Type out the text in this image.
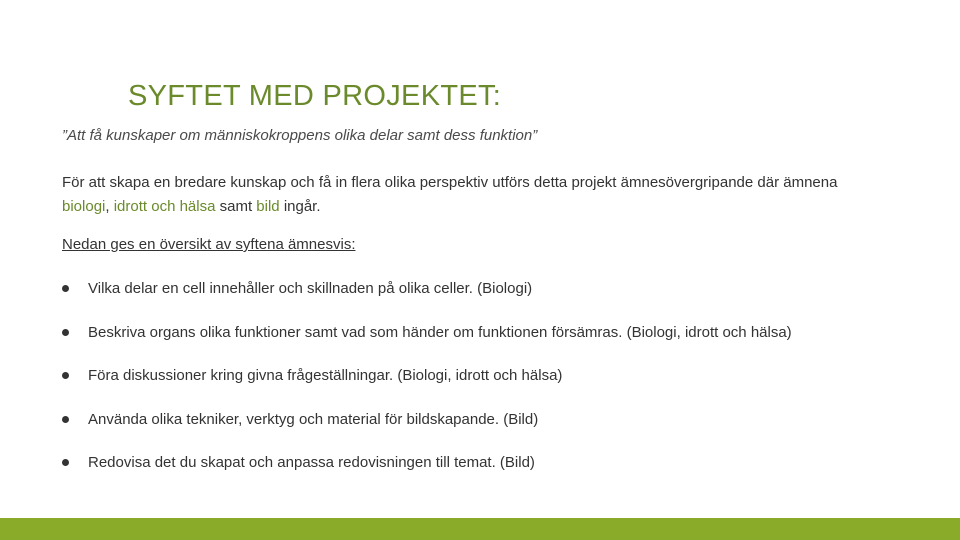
SYFTET MED PROJEKTET:
”Att få kunskaper om människokroppens olika delar samt dess funktion”
För att skapa en bredare kunskap och få in flera olika perspektiv utförs detta projekt ämnesövergripande där ämnena biologi, idrott och hälsa samt bild ingår.
Nedan ges en översikt av syftena ämnesvis:
Vilka delar en cell innehåller och skillnaden på olika celler. (Biologi)
Beskriva organs olika funktioner samt vad som händer om funktionen försämras. (Biologi, idrott och hälsa)
Föra diskussioner kring givna frågeställningar. (Biologi, idrott och hälsa)
Använda olika tekniker, verktyg och material för bildskapande. (Bild)
Redovisa det du skapat och anpassa redovisningen till temat. (Bild)
